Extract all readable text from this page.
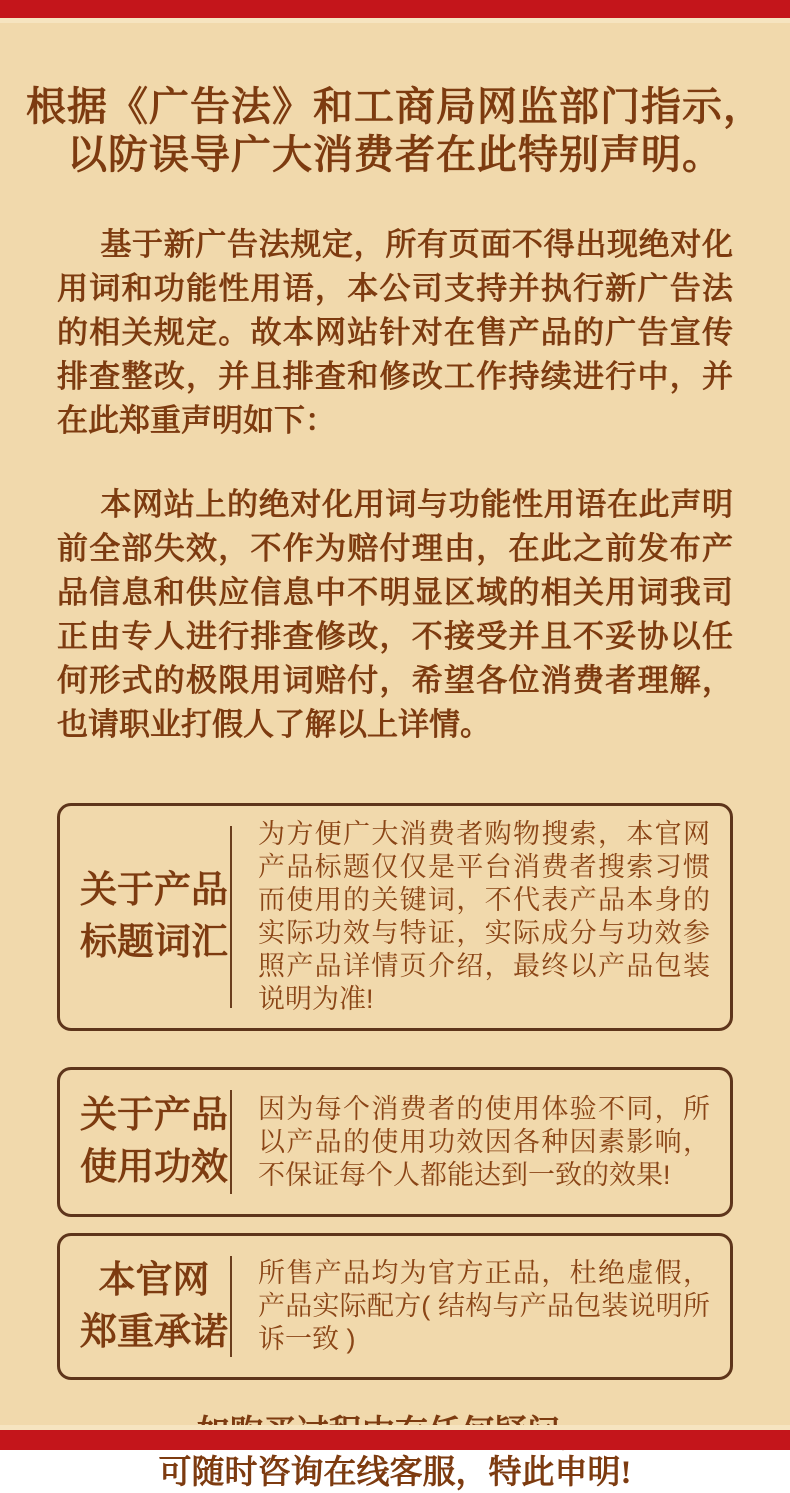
根据《广告法》和工商局网监部门指示，
以防误导广大消费者在此特别声明。

基于新广告法规定，所有页面不得出现绝对化用词和功能性用语，本公司支持并执行新广告法的相关规定。故本网站针对在售产品的广告宣传排查整改，并且排查和修改工作持续进行中，并在此郑重声明如下：

本网站上的绝对化用词与功能性用语在此声明前全部失效，不作为赔付理由，在此之前发布产品信息和供应信息中不明显区域的相关用词我司正由专人进行排查修改，不接受并且不妥协以任何形式的极限用词赔付，希望各位消费者理解，也请职业打假人了解以上详情。

关于产品
标题词汇
为方便广大消费者购物搜索，本官网产品标题仅仅是平台消费者搜索习惯而使用的关键词，不代表产品本身的实际功效与特证，实际成分与功效参照产品详情页介绍，最终以产品包装说明为准!
关于产品
使用功效
因为每个消费者的使用体验不同，所以产品的使用功效因各种因素影响，不保证每个人都能达到一致的效果!
本官网
郑重承诺
所售产品均为官方正品，杜绝虚假，产品实际配方( 结构与产品包装说明所诉一致 )
可随时咨询在线客服，特此申明!
